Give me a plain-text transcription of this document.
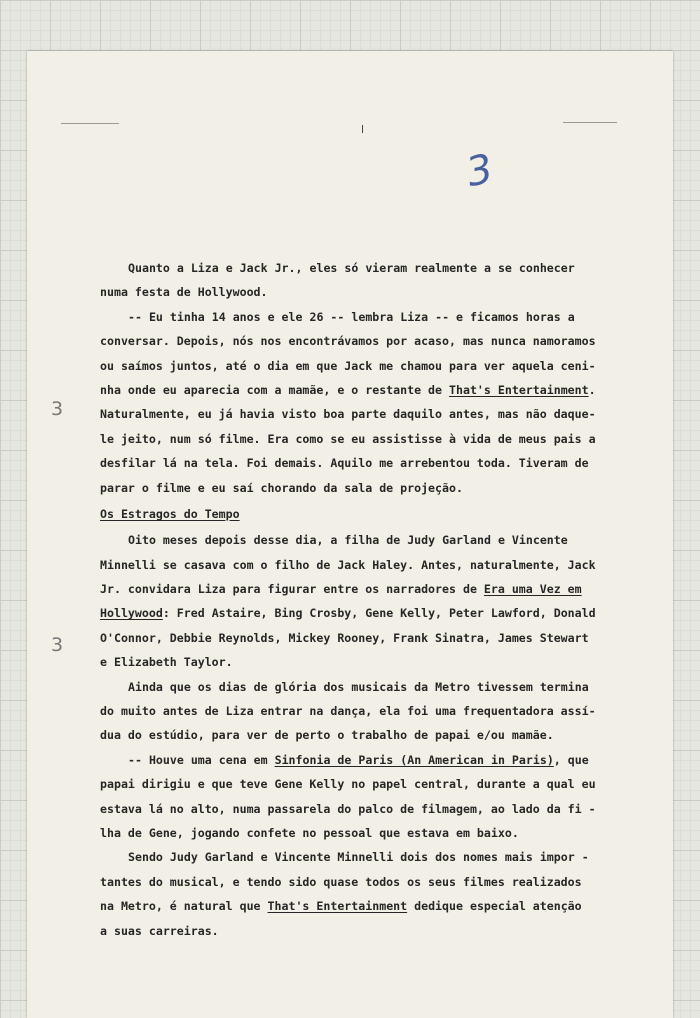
3
3
3
Quanto a Liza e Jack Jr., eles só vieram realmente a se conhecer
numa festa de Hollywood.
-- Eu tinha 14 anos e ele 26 -- lembra Liza -- e ficamos horas a
conversar. Depois, nós nos encontrávamos por acaso, mas nunca namoramos
ou saímos juntos, até o dia em que Jack me chamou para ver aquela ceni-
nha onde eu aparecia com a mamãe, e o restante de That's Entertainment.
Naturalmente, eu já havia visto boa parte daquilo antes, mas não daque-
le jeito, num só filme. Era como se eu assistisse à vida de meus pais a
desfilar lá na tela. Foi demais. Aquilo me arrebentou toda. Tiveram de
parar o filme e eu saí chorando da sala de projeção.
Os Estragos do Tempo
Oito meses depois desse dia, a filha de Judy Garland e Vincente
Minnelli se casava com o filho de Jack Haley. Antes, naturalmente, Jack
Jr. convidara Liza para figurar entre os narradores de Era uma Vez em
Hollywood: Fred Astaire, Bing Crosby, Gene Kelly, Peter Lawford, Donald
O'Connor, Debbie Reynolds, Mickey Rooney, Frank Sinatra, James Stewart
e Elizabeth Taylor.
Ainda que os dias de glória dos musicais da Metro tivessem termina
do muito antes de Liza entrar na dança, ela foi uma frequentadora assí-
dua do estúdio, para ver de perto o trabalho de papai e/ou mamãe.
-- Houve uma cena em Sinfonia de Paris (An American in Paris), que
papai dirigiu e que teve Gene Kelly no papel central, durante a qual eu
estava lá no alto, numa passarela do palco de filmagem, ao lado da fi -
lha de Gene, jogando confete no pessoal que estava em baixo.
Sendo Judy Garland e Vincente Minnelli dois dos nomes mais impor -
tantes do musical, e tendo sido quase todos os seus filmes realizados
na Metro, é natural que That's Entertainment dedique especial atenção
a suas carreiras.
